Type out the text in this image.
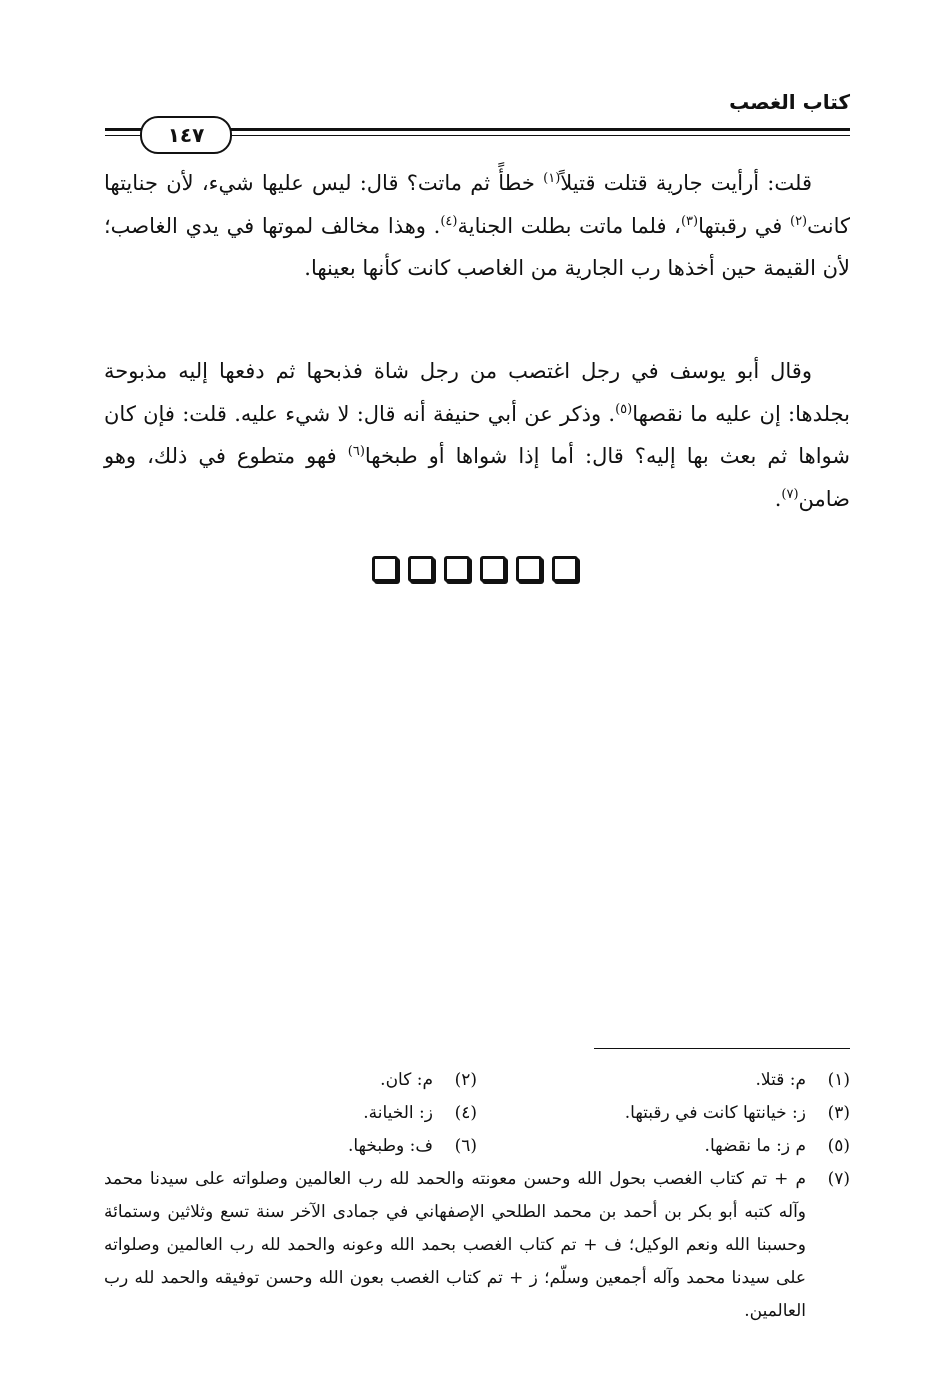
كتاب الغصب
١٤٧

قلت: أرأيت جارية قتلت قتيلاً$^{(١)}$ خطأً ثم ماتت؟ قال: ليس عليها شيء، لأن جنايتها كانت$^{(٢)}$ في رقبتها$^{(٣)}$، فلما ماتت بطلت الجناية$^{(٤)}$. وهذا مخالف لموتها في يدي الغاصب؛ لأن القيمة حين أخذها رب الجارية من الغاصب كانت كأنها بعينها.

وقال أبو يوسف في رجل اغتصب من رجل شاة فذبحها ثم دفعها إليه مذبوحة بجلدها: إن عليه ما نقصها$^{(٥)}$. وذكر عن أبي حنيفة أنه قال: لا شيء عليه. قلت: فإن كان شواها ثم بعث بها إليه؟ قال: أما إذا شواها أو طبخها$^{(٦)}$ فهو متطوع في ذلك، وهو ضامن$^{(٧)}$.

(١)
م: قتلا.
(٢)
م: كان.
(٣)
ز: خيانتها كانت في رقبتها.
(٤)
ز: الخيانة.
(٥)
م ز: ما نقضها.
(٦)
ف: وطبخها.
(٧)
م + تم كتاب الغصب بحول الله وحسن معونته والحمد لله رب العالمين وصلواته على سيدنا محمد وآله كتبه أبو بكر بن أحمد بن محمد الطلحي الإصفهاني في جمادى الآخر سنة تسع وثلاثين وستمائة وحسبنا الله ونعم الوكيل؛ ف + تم كتاب الغصب بحمد الله وعونه والحمد لله رب العالمين وصلواته على سيدنا محمد وآله أجمعين وسلّم؛ ز + تم كتاب الغصب بعون الله وحسن توفيقه والحمد لله رب العالمين.
